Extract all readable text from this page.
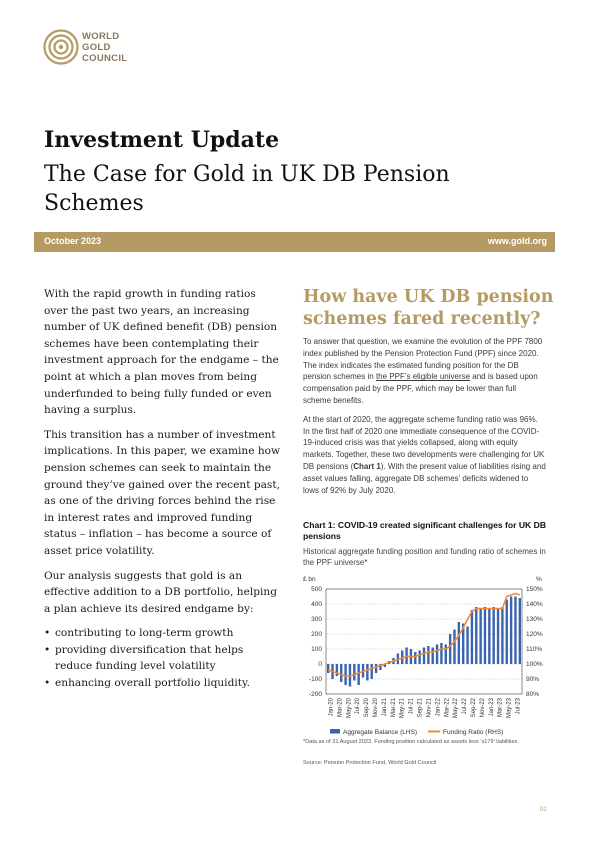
WORLD
GOLD
COUNCIL
Investment Update
The Case for Gold in UK DB Pension Schemes
October 2023	www.gold.org

With the rapid growth in funding ratios over the past two years, an increasing number of UK defined benefit (DB) pension schemes have been contemplating their investment approach for the endgame – the point at which a plan moves from being underfunded to being fully funded or even having a surplus.

This transition has a number of investment implications. In this paper, we examine how pension schemes can seek to maintain the ground they’ve gained over the recent past, as one of the driving forces behind the rise in interest rates and improved funding status – inflation – has become a source of asset price volatility.

Our analysis suggests that gold is an effective addition to a DB portfolio, helping a plan achieve its desired endgame by:

• contributing to long-term growth
• providing diversification that helps reduce funding level volatility
• enhancing overall portfolio liquidity.
How have UK DB pension schemes fared recently?

To answer that question, we examine the evolution of the PPF 7800 index published by the Pension Protection Fund (PPF) since 2020. The index indicates the estimated funding position for the DB pension schemes in the PPF’s eligible universe and is based upon compensation paid by the PPF, which may be lower than full scheme benefits.

At the start of 2020, the aggregate scheme funding ratio was 96%. In the first half of 2020 one immediate consequence of the COVID-19-induced crisis was that yields collapsed, along with equity markets. Together, these two developments were challenging for UK DB pensions (Chart 1). With the present value of liabilities rising and asset values falling, aggregate DB schemes’ deficits widened to lows of 92% by July 2020.

Chart 1: COVID-19 created significant challenges for UK DB pensions
Historical aggregate funding position and funding ratio of schemes in the PPF universe*
£ bn	%
500
400
300
200
100
0
-100
-200
150%
140%
130%
120%
110%
100%
90%
80%
Jan-20 Mar-20 May-20 Jul-20 Sep-20 Nov-20 Jan-21 Mar-21 May-21 Jul-21 Sep-21 Nov-21 Jan-22 Mar-22 May-22 Jul-22 Sep-22 Nov-22 Jan-23 Mar-23 May-23 Jul-23
Aggregate Balance (LHS)	Funding Ratio (RHS)
*Data as of 31 August 2023. Funding position calculated as assets less ‘s179’ liabilities.
Source: Pension Protection Fund, World Gold Council
01
